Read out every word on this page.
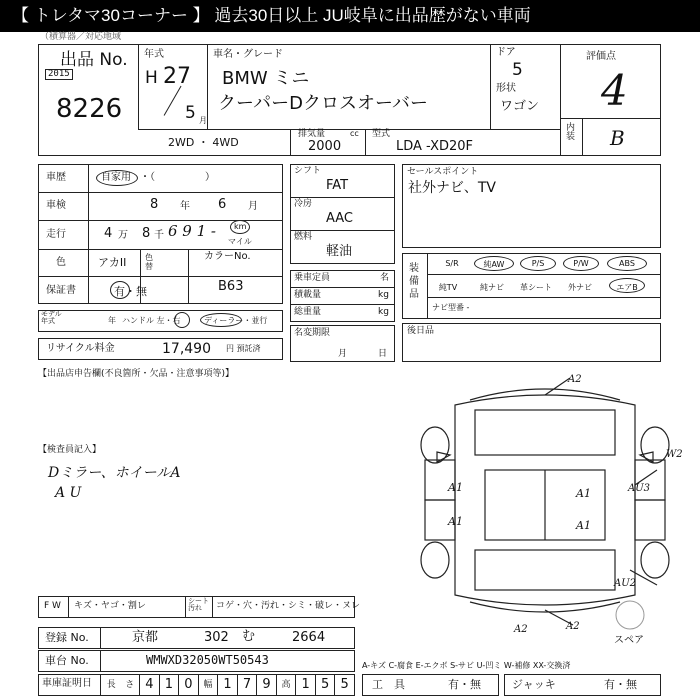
【 トレタマ30コーナー 】 過去30日以上 JU岐阜に出品歴がない車両
（積算器／対応地域
出品 No.
2015
8226
年式
H 27
5 月
車名・グレード
BMW ミニ
クーパーDクロスオーバー
ドア
5
形状
ワゴン
評価点
4
内装 B
2WD ・ 4WD
排気量
2000
cc 型式
LDA ‐XD20F
車歴	自家用 ・（　　　　　）
車検	8 年 6 月
走行	4 万 8 千 6 9 1 ‐ km
マイル
色	アカII 色替
カラーNo.
B63
保証書	有・無
モデル年式	年 ハンドル 左・右	ディーラー・並行
リサイクル料金	17,490 円 預託済
シフト
FAT
冷房
AAC
燃料
軽油
乗車定員	名
積載量	kg
総重量	kg
名変期限
月	日
セールスポイント
社外ナビ、TV
装備品
S/R	純AW	P/S	P/W	ABS
純TV	純ナビ	革シート	外ナビ	エアB
ナビ型番 -
後日品
【出品店申告欄(不良箇所・欠品・注意事項等)】
【検査員記入】
Dミラー、ホイールA
A U
A2
W2
AU3
A1
A1
A1
A1
AU2
A2	A2
スペア
F W キズ・ヤゴ・割レ	シート汚れ	コゲ・穴・汚れ・シミ・破レ・ヌレ
登録 No.	京都	302 む	2664
車台 No.	WMWXD32050WT50543
車庫証明日	長	さ 4 1 0	幅 1 7 9	高 1 5 5
A-キズ C-腐食 E-エクボ S-サビ U-凹ミ W-補修 XX-交換済
工　具	有・無	ジャッキ	有・無
